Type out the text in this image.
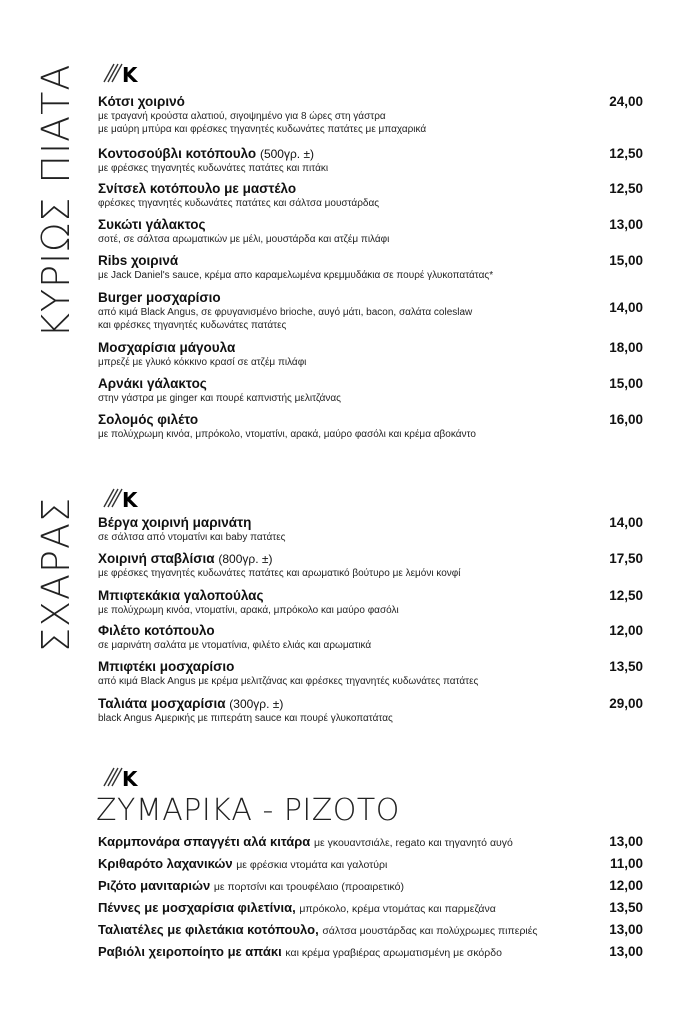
K
ΚΥΡΙΩΣ ΠΙΑΤΑ Κότσι χοιρινό
με τραγανή κρούστα αλατιού, σιγοψημένο για 8 ώρες στη γάστρα
με μαύρη μπύρα και φρέσκες τηγανητές κυδωνάτες πατάτες με μπαχαρικά
24,00
Κοντοσούβλι κοτόπουλο (500γρ. ±)
με φρέσκες τηγανητές κυδωνάτες πατάτες και πιτάκι
12,50
Σνίτσελ κοτόπουλο με μαστέλο
φρέσκες τηγανητές κυδωνάτες πατάτες και σάλτσα μουστάρδας
12,50
Συκώτι γάλακτος
σοτέ, σε σάλτσα αρωματικών με μέλι, μουστάρδα και ατζέμ πιλάφι
13,00
Ribs χοιρινά
με Jack Daniel's sauce, κρέμα απο καραμελωμένα κρεμμυδάκια σε πουρέ γλυκοπατάτας*
15,00
Burger μοσχαρίσιο
από κιμά Black Angus, σε φρυγανισμένο brioche, αυγό μάτι, bacon, σαλάτα coleslaw
και φρέσκες τηγανητές κυδωνάτες πατάτες
14,00
Μοσχαρίσια μάγουλα
μπρεζέ με γλυκό κόκκινο κρασί σε ατζέμ πιλάφι
18,00
Αρνάκι γάλακτος
στην γάστρα με ginger και πουρέ καπνιστής μελιτζάνας
15,00
Σολομός φιλέτο
με πολύχρωμη κινόα, μπρόκολο, ντοματίνι, αρακά, μαύρο φασόλι και κρέμα αβοκάντο
16,00
K
ΣΧΑΡΑΣ Βέργα χοιρινή μαρινάτη
σε σάλτσα από ντοματίνι και baby πατάτες
14,00
Χοιρινή σταβλίσια (800γρ. ±)
με φρέσκες τηγανητές κυδωνάτες πατάτες και αρωματικό βούτυρο με λεμόνι κονφί
17,50
Μπιφτεκάκια γαλοπούλας
με πολύχρωμη κινόα, ντοματίνι, αρακά, μπρόκολο και μαύρο φασόλι
12,50
Φιλέτο κοτόπουλο
σε μαρινάτη σαλάτα με ντοματίνια, φιλέτο ελιάς και αρωματικά
12,00
Μπιφτέκι μοσχαρίσιο
από κιμά Black Angus με κρέμα μελιτζάνας και φρέσκες τηγανητές κυδωνάτες πατάτες
13,50
Ταλιάτα μοσχαρίσια (300γρ. ±)
black Angus Αμερικής με πιπεράτη sauce και πουρέ γλυκοπατάτας
29,00
K
ΖΥΜΑΡΙΚΑ - ΡΙΖΟΤΟ
Καρμπονάρα σπαγγέτι αλά κιτάρα με γκουαντσιάλε, regato και τηγανητό αυγό	13,00
Κριθαρότο λαχανικών με φρέσκια ντομάτα και γαλοτύρι	11,00
Ριζότο μανιταριών με πορτσίνι και τρουφέλαιο (προαιρετικό)	12,00
Πέννες με μοσχαρίσια φιλετίνια, μπρόκολο, κρέμα ντομάτας και παρμεζάνα	13,50
Ταλιατέλες με φιλετάκια κοτόπουλο, σάλτσα μουστάρδας και πολύχρωμες πιπεριές	13,00
Ραβιόλι χειροποίητο με απάκι και κρέμα γραβιέρας αρωματισμένη με σκόρδο	13,00
